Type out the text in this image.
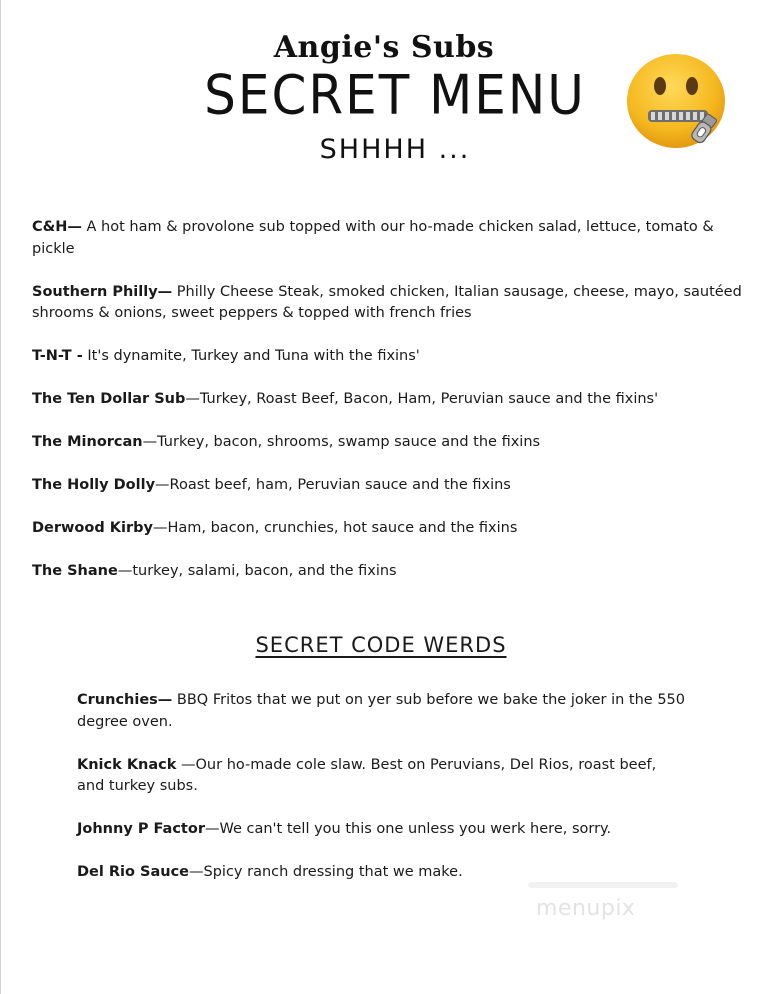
Angie's Subs
SECRET MENU
SHHHH ...
C&H— A hot ham & provolone sub topped with our ho-made chicken salad, lettuce, tomato & pickle
Southern Philly— Philly Cheese Steak, smoked chicken, Italian sausage, cheese, mayo, sautéed shrooms & onions, sweet peppers & topped with french fries
T-N-T - It's dynamite, Turkey and Tuna with the fixins'
The Ten Dollar Sub—Turkey, Roast Beef, Bacon, Ham, Peruvian sauce and the fixins'
The Minorcan—Turkey, bacon, shrooms, swamp sauce and the fixins
The Holly Dolly—Roast beef, ham, Peruvian sauce and the fixins
Derwood Kirby—Ham, bacon, crunchies, hot sauce and the fixins
The Shane—turkey, salami, bacon, and the fixins
SECRET CODE WERDS
Crunchies— BBQ Fritos that we put on yer sub before we bake the joker in the 550 degree oven.
Knick Knack —Our ho-made cole slaw. Best on Peruvians, Del Rios, roast beef, and turkey subs.
Johnny P Factor—We can't tell you this one unless you werk here, sorry.
Del Rio Sauce—Spicy ranch dressing that we make.
menupix
